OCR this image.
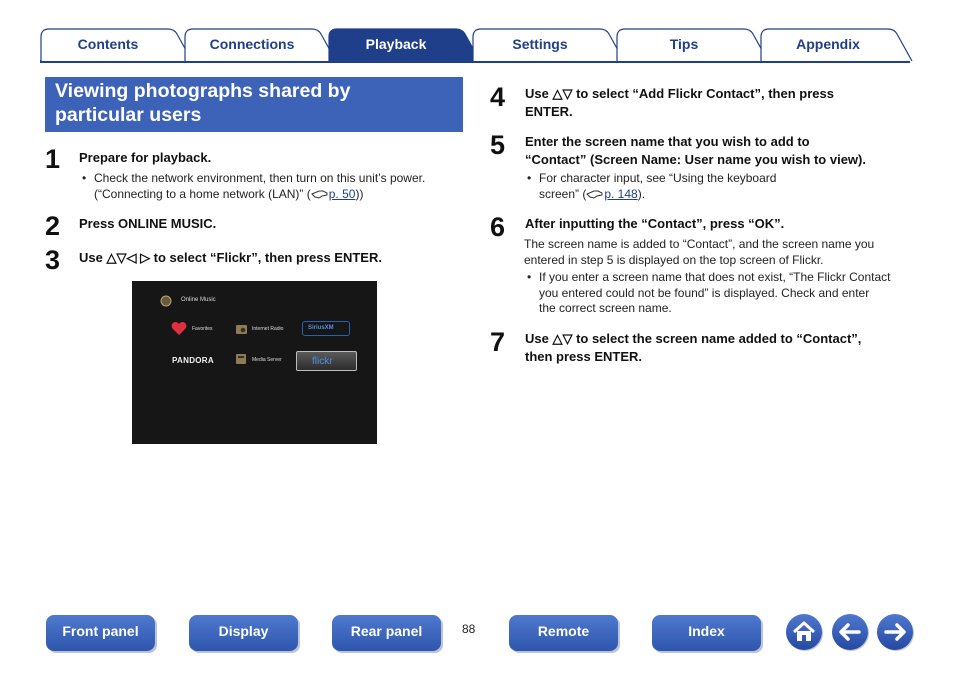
Contents	Connections	Playback	Settings	Tips	Appendix
Viewing photographs shared by
particular users
1 Prepare for playback.
• Check the network environment, then turn on this unit’s power.
(“Connecting to a home network (LAN)” ( p. 50))
2 Press ONLINE MUSIC.
3 Use △▽◁ ▷ to select “Flickr”, then press ENTER.
Online Music
Favorites	Internet Radio	SiriusXM
PANDORA	Media Server	flickr
4 Use △▽ to select “Add Flickr Contact”, then press
ENTER.
5 Enter the screen name that you wish to add to
“Contact” (Screen Name: User name you wish to view).
• For character input, see “Using the keyboard
screen” ( p. 148).
6 After inputting the “Contact”, press “OK”.
The screen name is added to “Contact”, and the screen name you
entered in step 5 is displayed on the top screen of Flickr.
• If you enter a screen name that does not exist, “The Flickr Contact
you entered could not be found” is displayed. Check and enter
the correct screen name.
7 Use △▽ to select the screen name added to “Contact”,
then press ENTER.
Front panel	Display	Rear panel	88	Remote	Index
